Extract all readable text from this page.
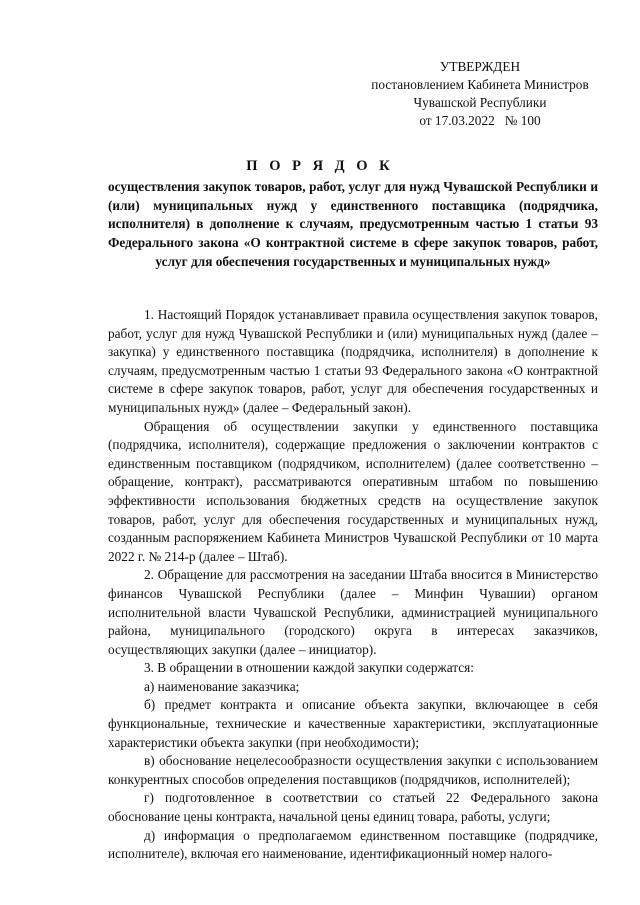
УТВЕРЖДЕН
постановлением Кабинета Министров
Чувашской Республики
от 17.03.2022   № 100
П О Р Я Д О К
осуществления закупок товаров, работ, услуг для нужд Чувашской Республики и (или) муниципальных нужд у единственного поставщика (подрядчика, исполнителя) в дополнение к случаям, предусмотренным частью 1 статьи 93 Федерального закона «О контрактной системе в сфере закупок товаров, работ, услуг для обеспечения государственных и муниципальных нужд»

1. Настоящий Порядок устанавливает правила осуществления закупок товаров, работ, услуг для нужд Чувашской Республики и (или) муниципальных нужд (далее – закупка) у единственного поставщика (подрядчика, исполнителя) в дополнение к случаям, предусмотренным частью 1 статьи 93 Федерального закона «О контрактной системе в сфере закупок товаров, работ, услуг для обеспечения государственных и муниципальных нужд» (далее – Федеральный закон).

Обращения об осуществлении закупки у единственного поставщика (подрядчика, исполнителя), содержащие предложения о заключении контрактов с единственным поставщиком (подрядчиком, исполнителем) (далее соответственно – обращение, контракт), рассматриваются оперативным штабом по повышению эффективности использования бюджетных средств на осуществление закупок товаров, работ, услуг для обеспечения государственных и муниципальных нужд, созданным распоряжением Кабинета Министров Чувашской Республики от 10 марта 2022 г. № 214-р (далее – Штаб).

2. Обращение для рассмотрения на заседании Штаба вносится в Министерство финансов Чувашской Республики (далее – Минфин Чувашии) органом исполнительной власти Чувашской Республики, администрацией муниципального района, муниципального (городского) округа в интересах заказчиков, осуществляющих закупки (далее – инициатор).

3. В обращении в отношении каждой закупки содержатся:

а) наименование заказчика;

б) предмет контракта и описание объекта закупки, включающее в себя функциональные, технические и качественные характеристики, эксплуатационные характеристики объекта закупки (при необходимости);

в) обоснование нецелесообразности осуществления закупки с использованием конкурентных способов определения поставщиков (подрядчиков, исполнителей);

г) подготовленное в соответствии со статьей 22 Федерального закона обоснование цены контракта, начальной цены единиц товара, работы, услуги;

д) информация о предполагаемом единственном поставщике (подрядчике, исполнителе), включая его наименование, идентификационный номер налого-
